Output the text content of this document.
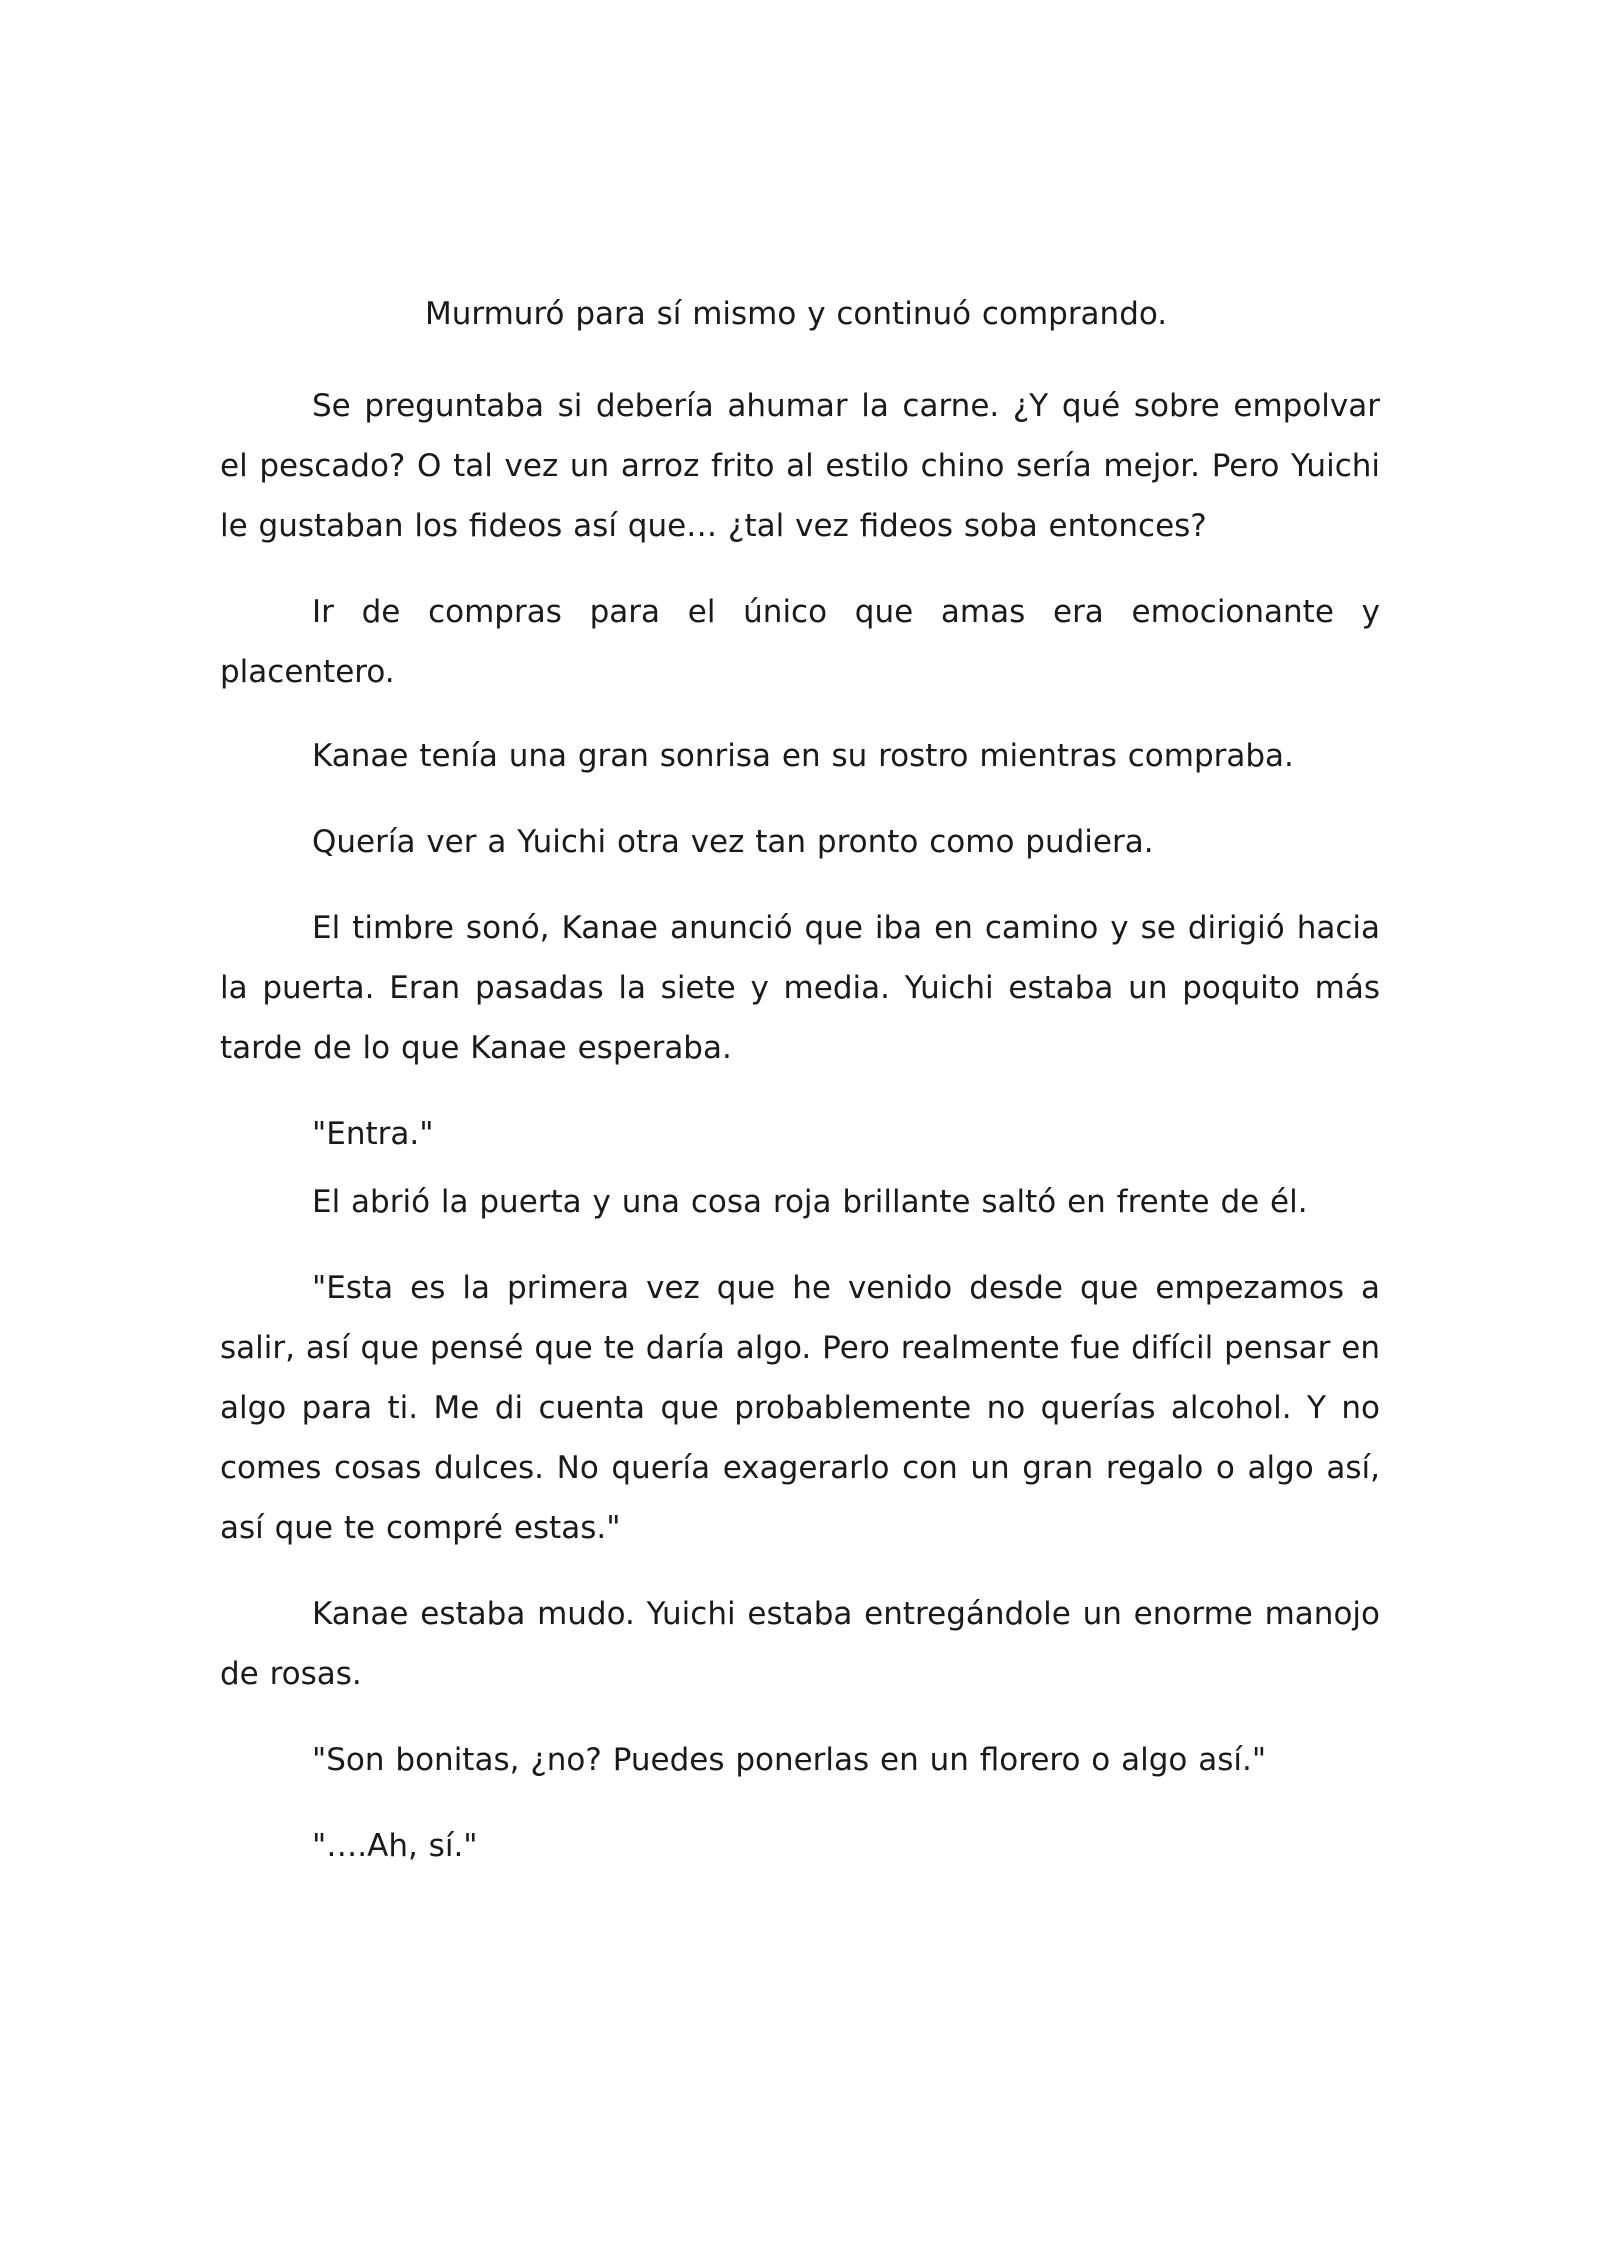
Murmuró para sí mismo y continuó comprando.

Se preguntaba si debería ahumar la carne. ¿Y qué sobre empolvar el pescado? O tal vez un arroz frito al estilo chino sería mejor. Pero Yuichi le gustaban los fideos así que… ¿tal vez fideos soba entonces?

Ir de compras para el único que amas era emocionante y placentero.

Kanae tenía una gran sonrisa en su rostro mientras compraba.

Quería ver a Yuichi otra vez tan pronto como pudiera.

El timbre sonó, Kanae anunció que iba en camino y se dirigió hacia la puerta. Eran pasadas la siete y media. Yuichi estaba un poquito más tarde de lo que Kanae esperaba.

"Entra."

El abrió la puerta y una cosa roja brillante saltó en frente de él.

"Esta es la primera vez que he venido desde que empezamos a salir, así que pensé que te daría algo. Pero realmente fue difícil pensar en algo para ti. Me di cuenta que probablemente no querías alcohol. Y no comes cosas dulces. No quería exagerarlo con un gran regalo o algo así, así que te compré estas."

Kanae estaba mudo. Yuichi estaba entregándole un enorme manojo de rosas.

"Son bonitas, ¿no? Puedes ponerlas en un florero o algo así."

"….Ah, sí."
